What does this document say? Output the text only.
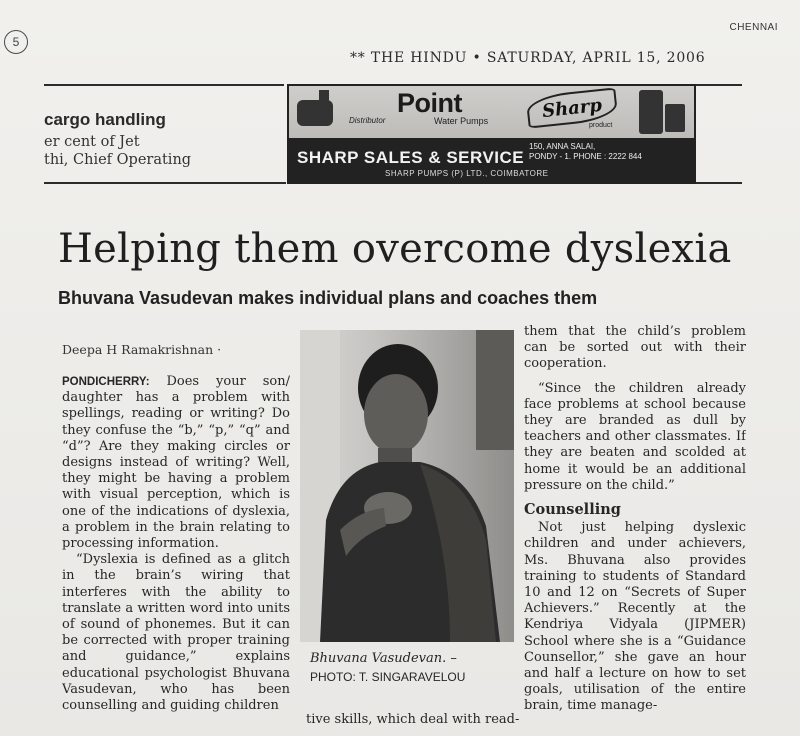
5
CHENNAI
** THE HINDU • SATURDAY, APRIL 15, 2006
cargo handling
er cent of Jet
thi, Chief Operating
Point
Water Pumps
Distributor	Sharp
product
SHARP SALES & SERVICE
150, ANNA SALAI,
PONDY - 1. PHONE : 2222 844
SHARP PUMPS (P) LTD., COIMBATORE
Helping them overcome dyslexia
Bhuvana Vasudevan makes individual plans and coaches them
Deepa H Ramakrishnan ·

PONDICHERRY: Does your son/ daughter has a problem with spellings, reading or writing? Do they confuse the “b,” “p,” “q” and “d”? Are they making circles or designs instead of writing? Well, they might be having a problem with visual perception, which is one of the indications of dyslexia, a problem in the brain relating to processing information.

“Dyslexia is defined as a glitch in the brain’s wiring that interferes with the ability to translate a written word into units of sound of phonemes. But it can be corrected with proper training and guidance,” explains educational psychologist Bhuvana Vasudevan, who has been counselling and guiding children

Bhuvana Vasudevan. –
PHOTO: T. SINGARAVELOU
tive skills, which deal with read-

them that the child’s problem can be sorted out with their cooperation.

“Since the children already face problems at school because they are branded as dull by teachers and other classmates. If they are beaten and scolded at home it would be an additional pressure on the child.”

Counselling

Not just helping dyslexic children and under achievers, Ms. Bhuvana also provides training to students of Standard 10 and 12 on “Secrets of Super Achievers.” Recently at the Kendriya Vidyala (JIPMER) School where she is a “Guidance Counsellor,” she gave an hour and half a lecture on how to set goals, utilisation of the entire brain, time manage-
